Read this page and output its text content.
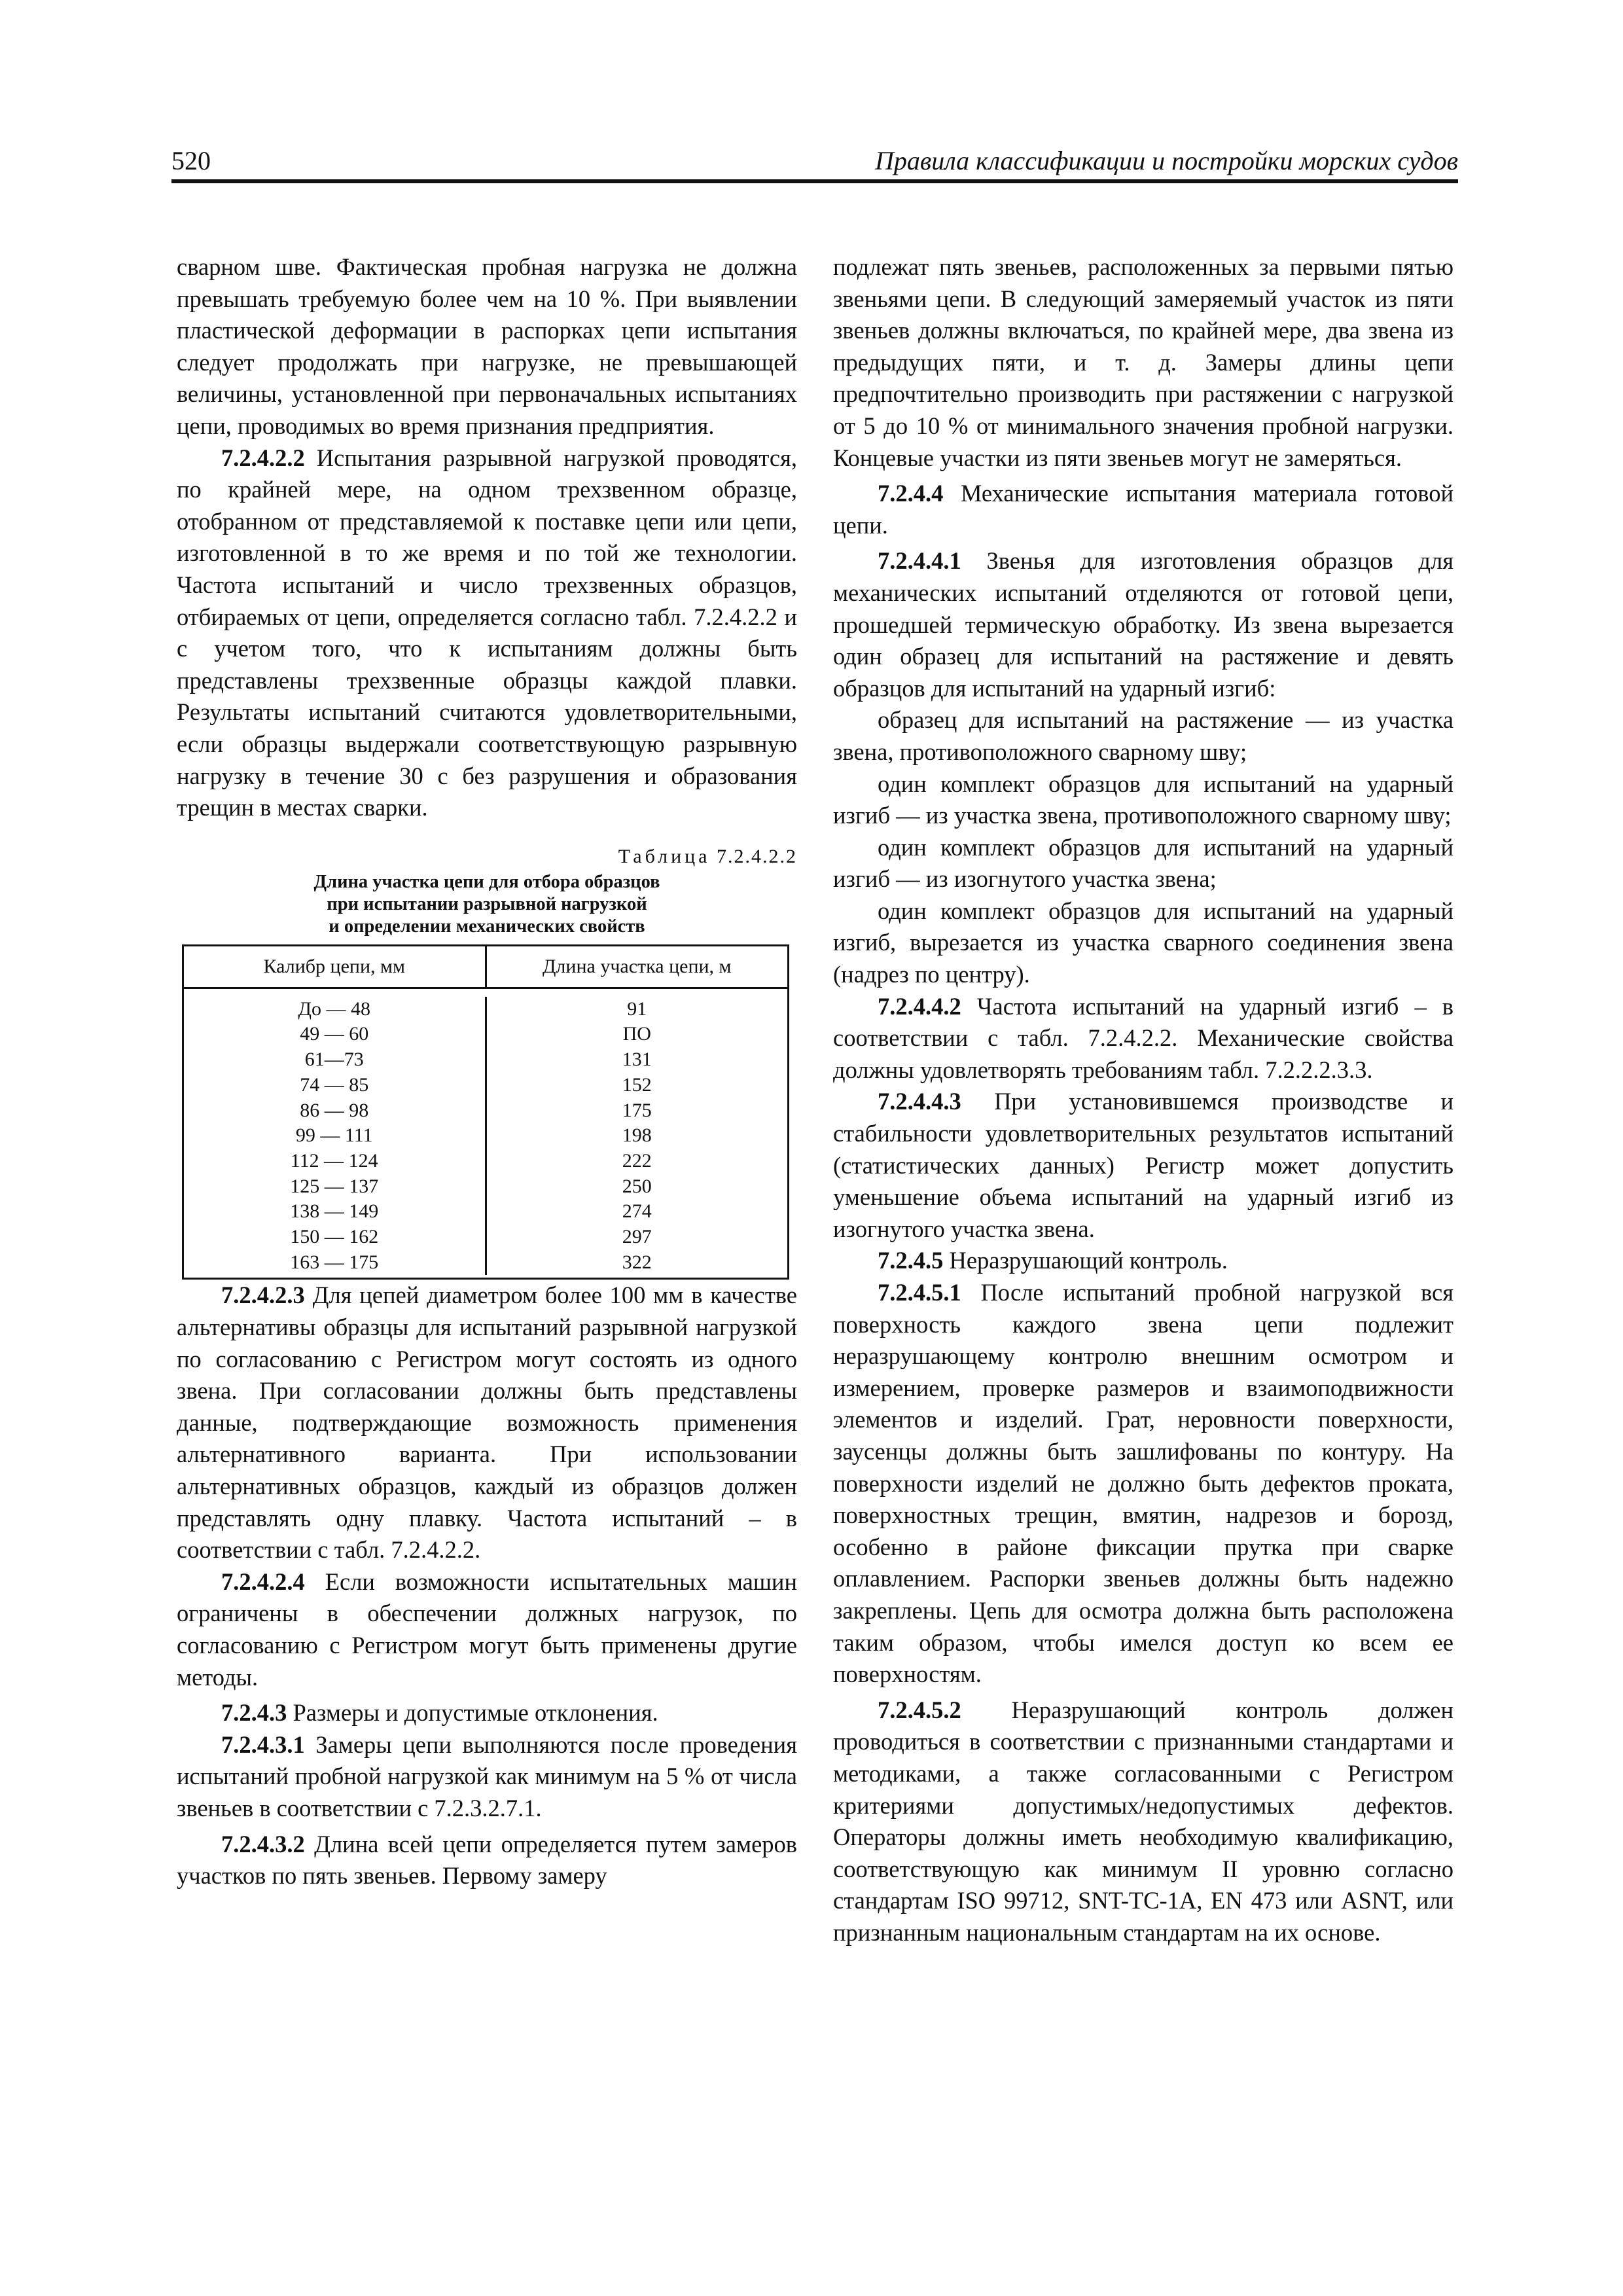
520	Правила классификации и постройки морских судов

сварном шве. Фактическая пробная нагрузка не должна превышать требуемую более чем на 10 %. При выявлении пластической деформации в распорках цепи испытания следует продолжать при нагрузке, не превышающей величины, установленной при первоначальных испытаниях цепи, проводимых во время признания предприятия.

7.2.4.2.2 Испытания разрывной нагрузкой проводятся, по крайней мере, на одном трехзвенном образце, отобранном от представляемой к поставке цепи или цепи, изготовленной в то же время и по той же технологии. Частота испытаний и число трехзвенных образцов, отбираемых от цепи, определяется согласно табл. 7.2.4.2.2 и с учетом того, что к испытаниям должны быть представлены трехзвенные образцы каждой плавки. Результаты испытаний считаются удовлетворительными, если образцы выдержали соответствующую разрывную нагрузку в течение 30 с без разрушения и образования трещин в местах сварки.

Таблица 7.2.4.2.2
Длина участка цепи для отбора образцов
при испытании разрывной нагрузкой
и определении механических свойств
Калибр цепи, мм	Длина участка цепи, м
До — 48
49 — 60
61—73
74 — 85
86 — 98
99 — 111
112 — 124
125 — 137
138 — 149
150 — 162
163 — 175
91
ПО
131
152
175
198
222
250
274
297
322

7.2.4.2.3 Для цепей диаметром более 100 мм в качестве альтернативы образцы для испытаний разрывной нагрузкой по согласованию с Регистром могут состоять из одного звена. При согласовании должны быть представлены данные, подтверждающие возможность применения альтернативного варианта. При использовании альтернативных образцов, каждый из образцов должен представлять одну плавку. Частота испытаний – в соответствии с табл. 7.2.4.2.2.

7.2.4.2.4 Если возможности испытательных машин ограничены в обеспечении должных нагрузок, по согласованию с Регистром могут быть применены другие методы.

7.2.4.3 Размеры и допустимые отклонения.

7.2.4.3.1 Замеры цепи выполняются после проведения испытаний пробной нагрузкой как минимум на 5 % от числа звеньев в соответствии с 7.2.3.2.7.1.

7.2.4.3.2 Длина всей цепи определяется путем замеров участков по пять звеньев. Первому замеру

подлежат пять звеньев, расположенных за первыми пятью звеньями цепи. В следующий замеряемый участок из пяти звеньев должны включаться, по крайней мере, два звена из предыдущих пяти, и т. д. Замеры длины цепи предпочтительно производить при растяжении с нагрузкой от 5 до 10 % от минимального значения пробной нагрузки. Концевые участки из пяти звеньев могут не замеряться.

7.2.4.4 Механические испытания материала готовой цепи.

7.2.4.4.1 Звенья для изготовления образцов для механических испытаний отделяются от готовой цепи, прошедшей термическую обработку. Из звена вырезается один образец для испытаний на растяжение и девять образцов для испытаний на ударный изгиб:

образец для испытаний на растяжение — из участка звена, противоположного сварному шву;

один комплект образцов для испытаний на ударный изгиб — из участка звена, противоположного сварному шву;

один комплект образцов для испытаний на ударный изгиб — из изогнутого участка звена;

один комплект образцов для испытаний на ударный изгиб, вырезается из участка сварного соединения звена (надрез по центру).

7.2.4.4.2 Частота испытаний на ударный изгиб – в соответствии с табл. 7.2.4.2.2. Механические свойства должны удовлетворять требованиям табл. 7.2.2.2.3.3.

7.2.4.4.3 При установившемся производстве и стабильности удовлетворительных результатов испытаний (статистических данных) Регистр может допустить уменьшение объема испытаний на ударный изгиб из изогнутого участка звена.

7.2.4.5 Неразрушающий контроль.

7.2.4.5.1 После испытаний пробной нагрузкой вся поверхность каждого звена цепи подлежит неразрушающему контролю внешним осмотром и измерением, проверке размеров и взаимоподвижности элементов и изделий. Грат, неровности поверхности, заусенцы должны быть зашлифованы по контуру. На поверхности изделий не должно быть дефектов проката, поверхностных трещин, вмятин, надрезов и борозд, особенно в районе фиксации прутка при сварке оплавлением. Распорки звеньев должны быть надежно закреплены. Цепь для осмотра должна быть расположена таким образом, чтобы имелся доступ ко всем ее поверхностям.

7.2.4.5.2 Неразрушающий контроль должен проводиться в соответствии с признанными стандартами и методиками, а также согласованными с Регистром критериями допустимых/недопустимых дефектов. Операторы должны иметь необходимую квалификацию, соответствующую как минимум II уровню согласно стандартам ISO 99712, SNT-TC-1A, EN 473 или ASNT, или признанным национальным стандартам на их основе.
